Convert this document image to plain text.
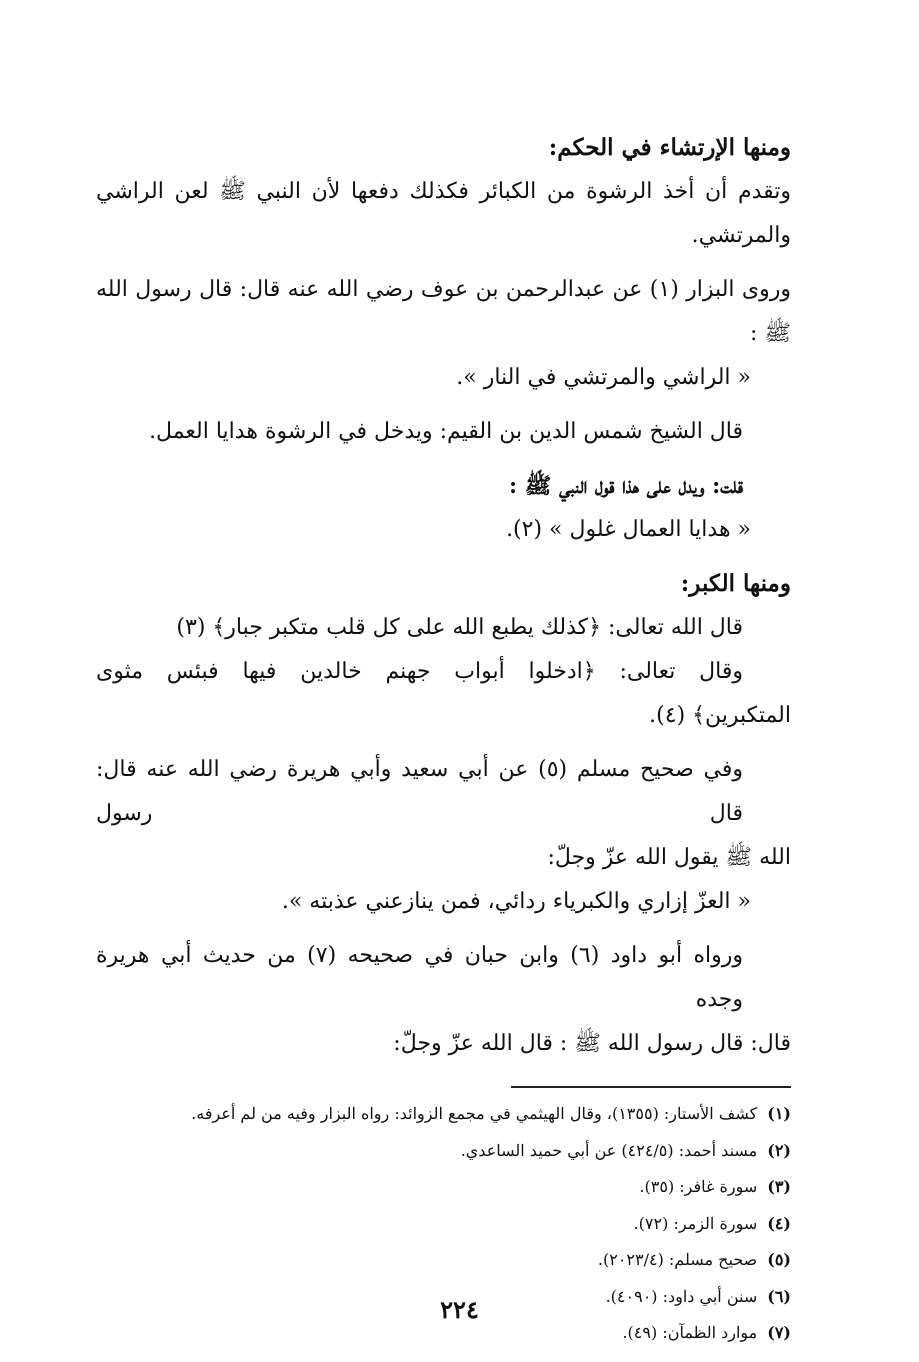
ومنها الإرتشاء في الحكم:
وتقدم أن أخذ الرشوة من الكبائر فكذلك دفعها لأن النبي ﷺ لعن الراشي
والمرتشي.
وروى البزار (١) عن عبدالرحمن بن عوف رضي الله عنه قال: قال رسول الله
ﷺ :
« الراشي والمرتشي في النار ».
قال الشيخ شمس الدين بن القيم: ويدخل في الرشوة هدايا العمل.
قلت: ويدل على هذا قول النبي ﷺ :
« هدايا العمال غلول » (٢).
ومنها الكبر:
قال الله تعالى: ﴿كذلك يطبع الله على كل قلب متكبر جبار﴾ (٣)
وقال تعالى: ﴿ادخلوا أبواب جهنم خالدين فيها فبئس مثوى
المتكبرين﴾ (٤).
وفي صحيح مسلم (٥) عن أبي سعيد وأبي هريرة رضي الله عنه قال: قال رسول
الله ﷺ يقول الله عزّ وجلّ:
« العزّ إزاري والكبرياء ردائي، فمن ينازعني عذبته ».
ورواه أبو داود (٦) وابن حبان في صحيحه (٧) من حديث أبي هريرة وجده
قال: قال رسول الله ﷺ : قال الله عزّ وجلّ:
(١)كشف الأستار: (١٣٥٥)، وقال الهيثمي في مجمع الزوائد: رواه البزار وفيه من لم أعرفه.
(٢)مسند أحمد: (٤٢٤/٥) عن أبي حميد الساعدي.
(٣)سورة غافر: (٣٥).
(٤)سورة الزمر: (٧٢).
(٥)صحيح مسلم: (٢٠٢٣/٤).
(٦)سنن أبي داود: (٤٠٩٠).
(٧)موارد الظمآن: (٤٩).
٢٢٤
